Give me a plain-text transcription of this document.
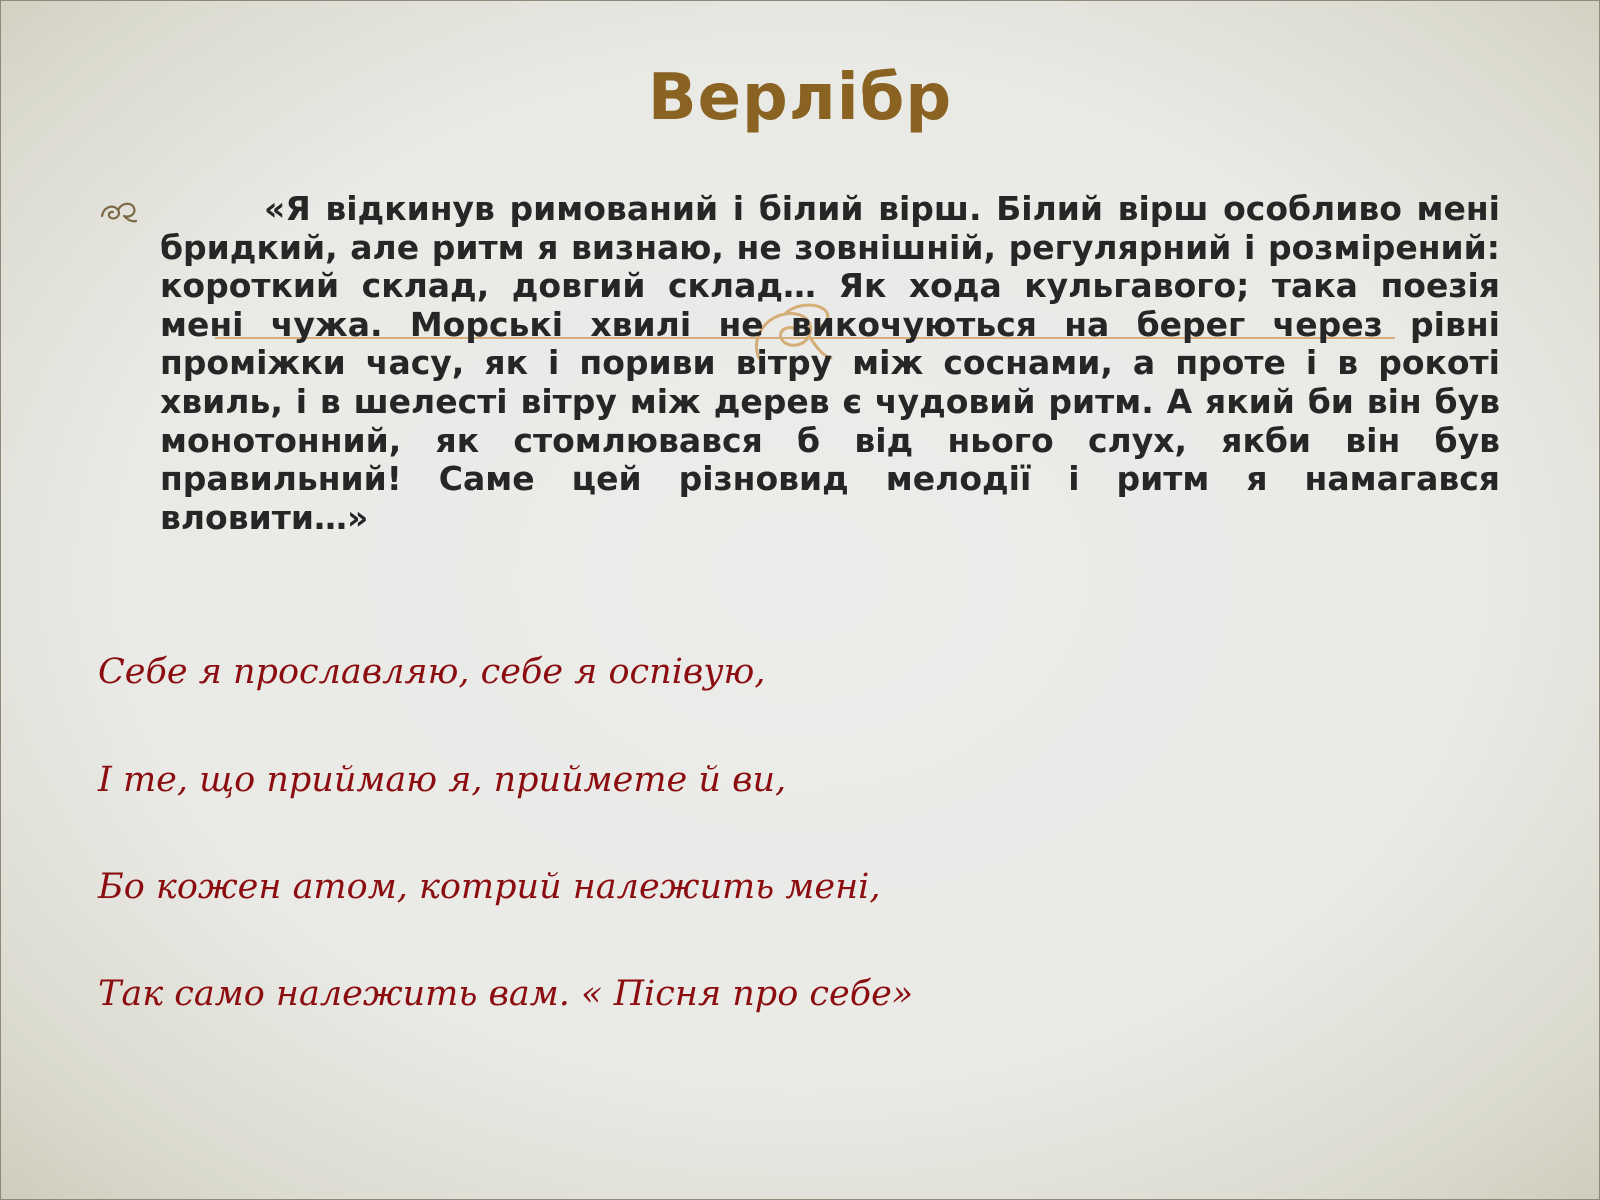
Верлібр

«Я відкинув римований і білий вірш. Білий вірш особливо мені бридкий, але ритм я визнаю, не зовнішній, регулярний і розмірений: короткий склад, довгий склад… Як хода кульгавого; така поезія мені чужа. Морські хвилі не викочуються на берег через рівні проміжки часу, як і пориви вітру між соснами, а проте і в рокоті хвиль, і в шелесті вітру між дерев є чудовий ритм. А який би він був монотонний, як стомлювався б від нього слух, якби він був правильний! Саме цей різновид мелодії і ритм я намагався вловити…»

Себе я прославляю, себе я оспівую,

І те, що приймаю я, приймете й ви,

Бо кожен атом, котрий належить мені,

Так само належить вам. « Пісня про себе»
